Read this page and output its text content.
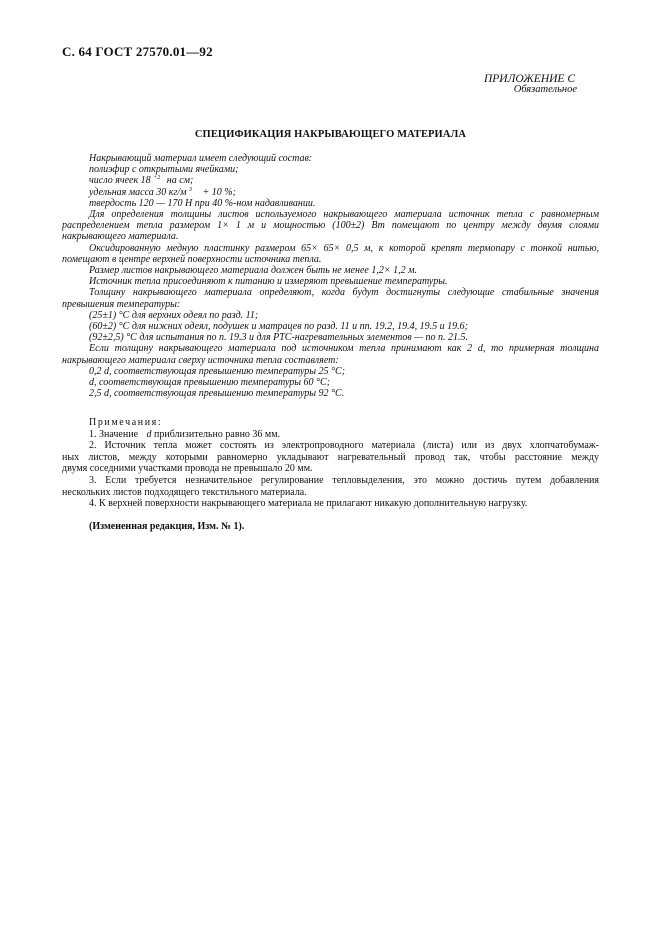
С. 64 ГОСТ 27570.01—92
ПРИЛОЖЕНИЕ С
Обязательное
СПЕЦИФИКАЦИЯ НАКРЫВАЮЩЕГО МАТЕРИАЛА
Накрывающий материал имеет следующий состав:
полиэфир с открытыми ячейками;
число ячеек 18 $^{+2}$ на см;
удельная масса 30 кг/м $^3$ + 10 %;
твердость 120 — 170 Н при 40 %-ном надавливании.
Для определения толщины листов используемого накрывающего материала источник тепла с равномерным
распределением тепла размером 1× 1 м и мощностью (100±2) Вт помещают по центру между двумя слоями
накрывающего материала.
Оксидированную медную пластинку размером 65× 65× 0,5 м, к которой крепят термопару с тонкой нитью,
помещают в центре верхней поверхности источника тепла.
Размер листов накрывающего материала должен быть не менее 1,2× 1,2 м.
Источник тепла присоединяют к питанию и измеряют превышение температуры.
Толщину накрывающего материала определяют, когда будут достигнуты следующие стабильные значения
превышения температуры:
(25±1) °С для верхних одеял по разд. 11;
(60±2) °С для нижних одеял, подушек и матрацев по разд. 11 и пп. 19.2, 19.4, 19.5 и 19.6;
(92±2,5) °С для испытания по п. 19.3 и для РТС-нагревательных элементов — по п. 21.5.
Если толщину накрывающего материала под источником тепла принимают как 2 d, то примерная толщина
накрывающего материала сверху источника тепла составляет:
0,2 d, соответствующая превышению температуры 25 °С;
d, соответствующая превышению температуры 60 °С;
2,5 d, соответствующая превышению температуры 92 °С.
Примечания:
1. Значение d приблизительно равно 36 мм.
2. Источник тепла может состоять из электропроводного материала (листа) или из двух хлопчатобумаж-
ных листов, между которыми равномерно укладывают нагревательный провод так, чтобы расстояние между
двумя соседними участками провода не превышало 20 мм.
3. Если требуется незначительное регулирование тепловыделения, это можно достичь путем добавления
нескольких листов подходящего текстильного материала.
4. К верхней поверхности накрывающего материала не прилагают никакую дополнительную нагрузку.
(Измененная редакция, Изм. № 1).
